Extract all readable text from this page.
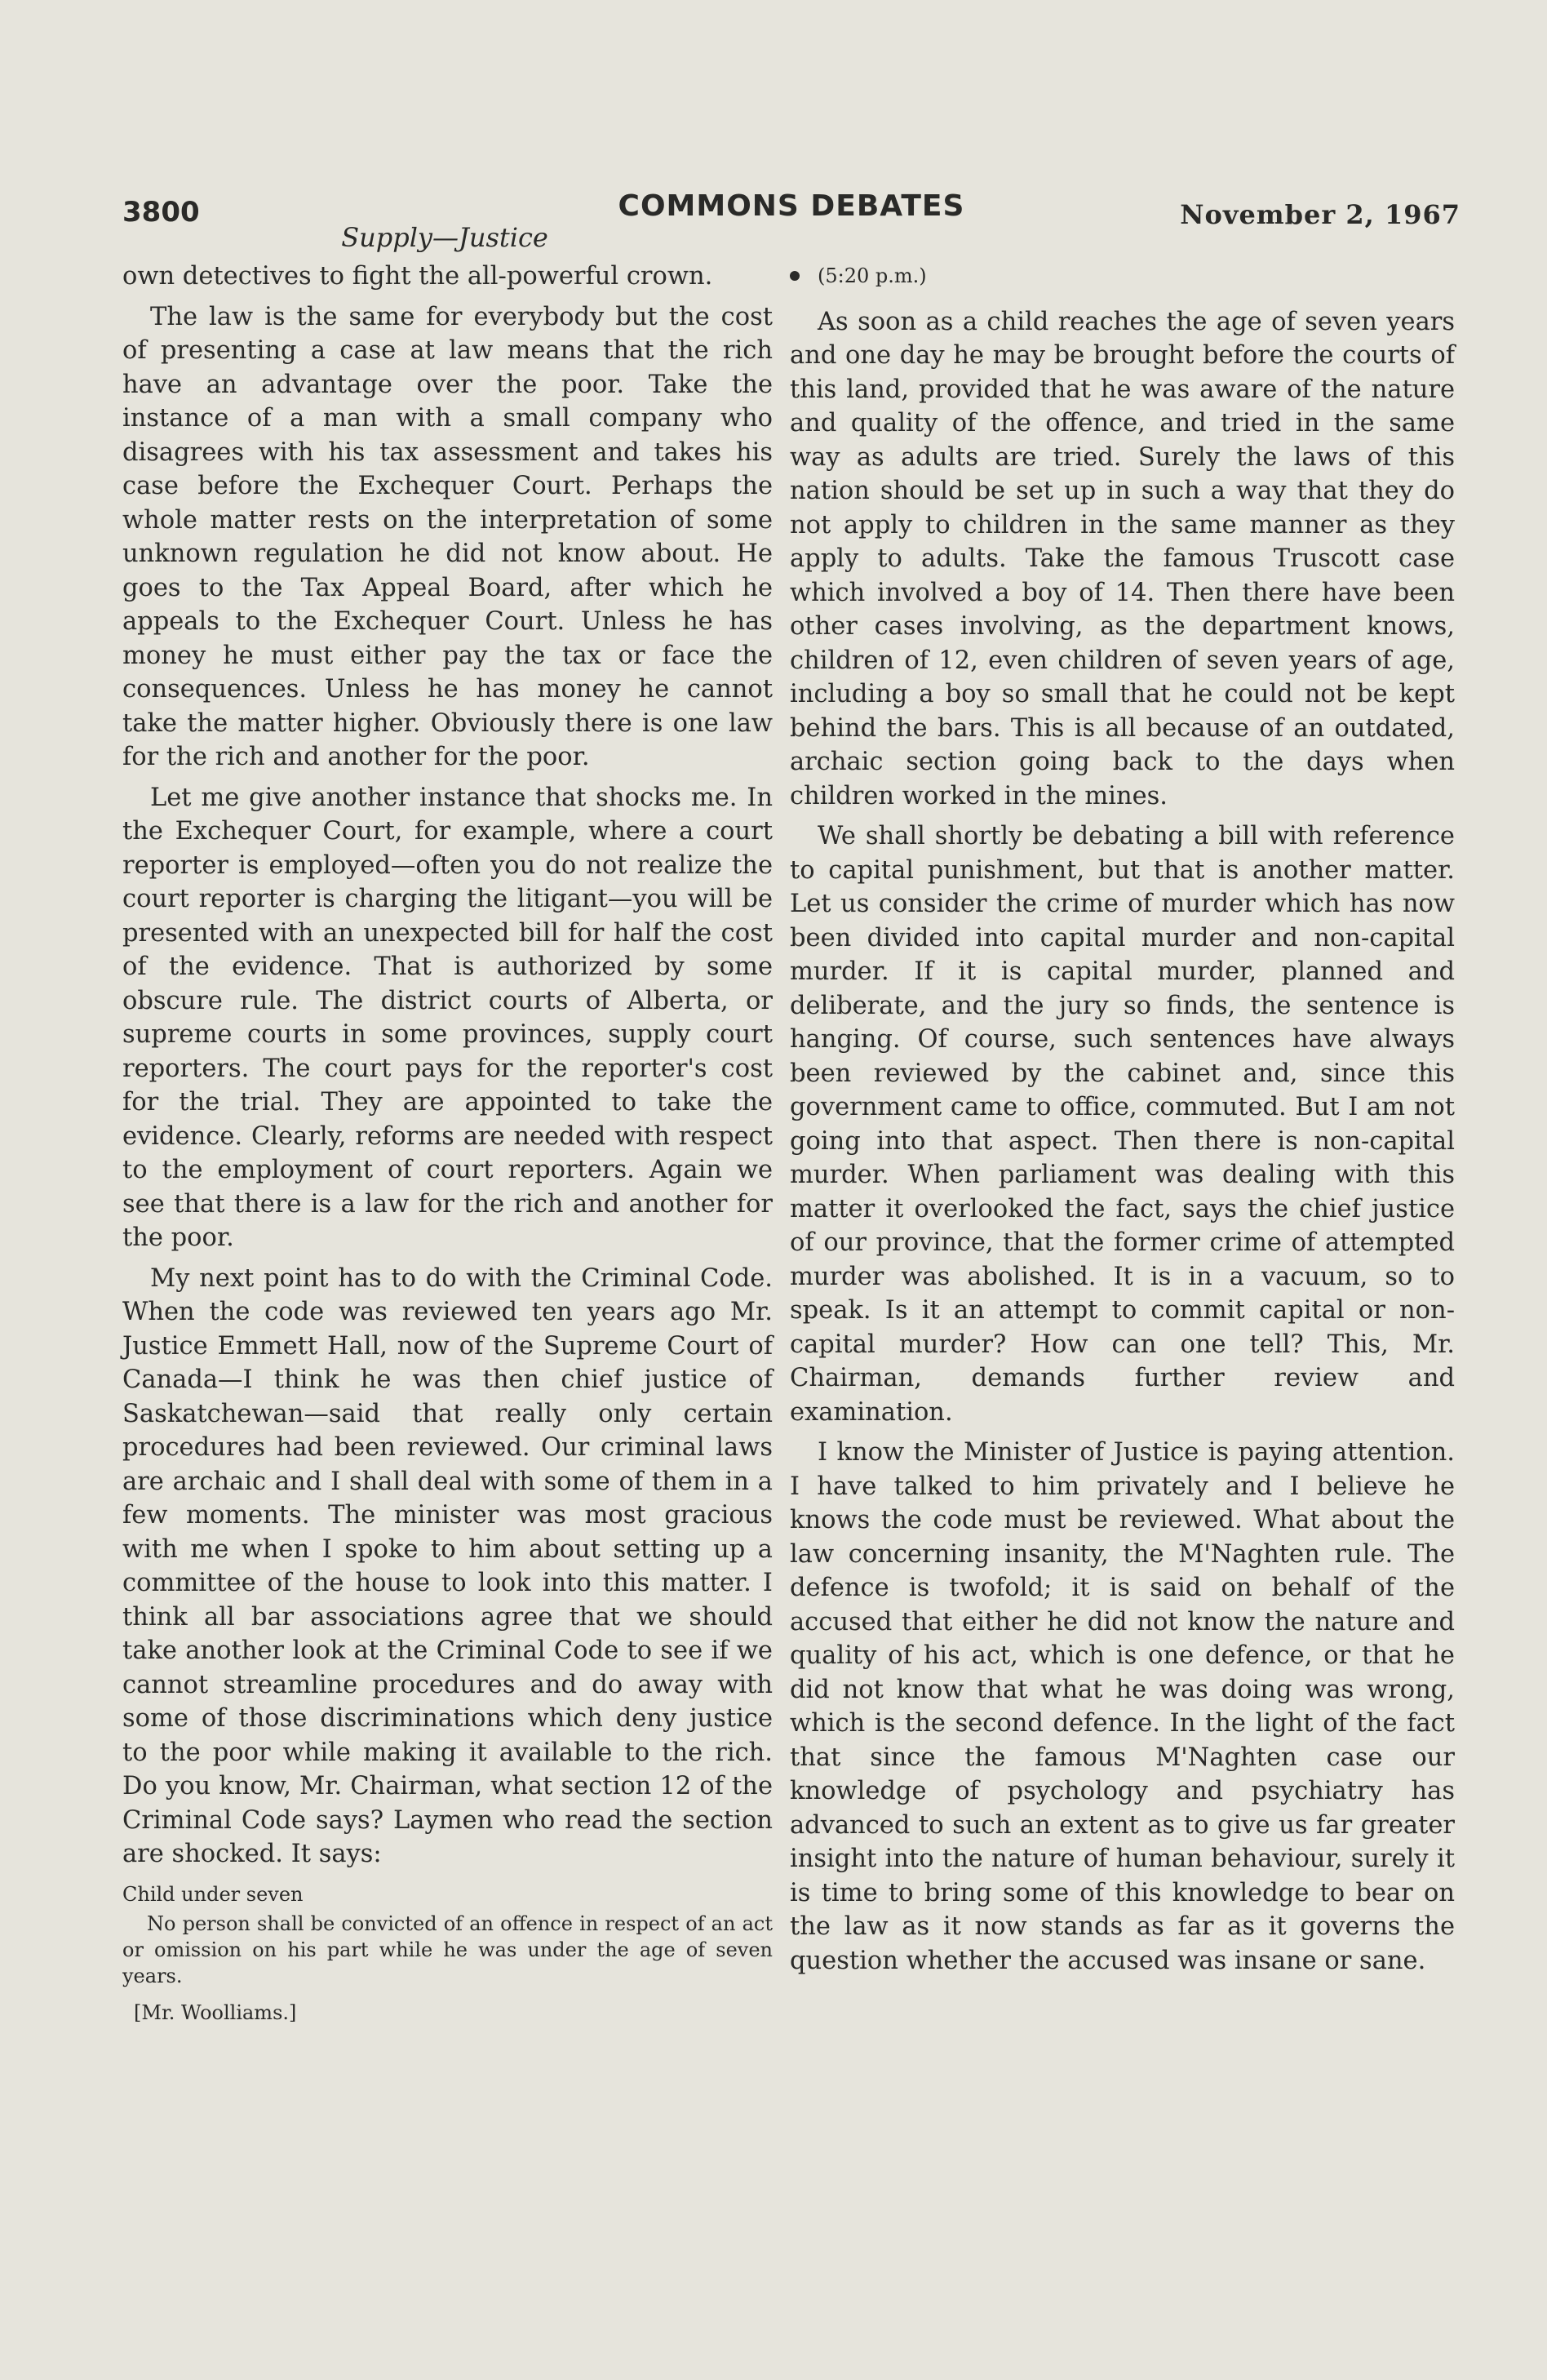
3800	COMMONS DEBATES	November 2, 1967
Supply—Justice

own detectives to fight the all-powerful crown.

The law is the same for everybody but the cost of presenting a case at law means that the rich have an advantage over the poor. Take the instance of a man with a small company who disagrees with his tax assessment and takes his case before the Exchequer Court. Perhaps the whole matter rests on the interpretation of some unknown regulation he did not know about. He goes to the Tax Appeal Board, after which he appeals to the Exchequer Court. Unless he has money he must either pay the tax or face the consequences. Unless he has money he cannot take the matter higher. Obviously there is one law for the rich and another for the poor.

Let me give another instance that shocks me. In the Exchequer Court, for example, where a court reporter is employed—often you do not realize the court reporter is charging the litigant—you will be presented with an unexpected bill for half the cost of the evidence. That is authorized by some obscure rule. The district courts of Alberta, or supreme courts in some provinces, supply court reporters. The court pays for the reporter's cost for the trial. They are appointed to take the evidence. Clearly, reforms are needed with respect to the employment of court reporters. Again we see that there is a law for the rich and another for the poor.

My next point has to do with the Criminal Code. When the code was reviewed ten years ago Mr. Justice Emmett Hall, now of the Supreme Court of Canada—I think he was then chief justice of Saskatchewan—said that really only certain procedures had been reviewed. Our criminal laws are archaic and I shall deal with some of them in a few moments. The minister was most gracious with me when I spoke to him about setting up a committee of the house to look into this matter. I think all bar associations agree that we should take another look at the Criminal Code to see if we cannot streamline procedures and do away with some of those discriminations which deny justice to the poor while making it available to the rich. Do you know, Mr. Chairman, what section 12 of the Criminal Code says? Laymen who read the section are shocked. It says:

Child under seven
No person shall be convicted of an offence in respect of an act or omission on his part while he was under the age of seven years.
[Mr. Woolliams.]
(5:20 p.m.)

As soon as a child reaches the age of seven years and one day he may be brought before the courts of this land, provided that he was aware of the nature and quality of the offence, and tried in the same way as adults are tried. Surely the laws of this nation should be set up in such a way that they do not apply to children in the same manner as they apply to adults. Take the famous Truscott case which involved a boy of 14. Then there have been other cases involving, as the department knows, children of 12, even children of seven years of age, including a boy so small that he could not be kept behind the bars. This is all because of an outdated, archaic section going back to the days when children worked in the mines.

We shall shortly be debating a bill with reference to capital punishment, but that is another matter. Let us consider the crime of murder which has now been divided into capital murder and non-capital murder. If it is capital murder, planned and deliberate, and the jury so finds, the sentence is hanging. Of course, such sentences have always been reviewed by the cabinet and, since this government came to office, commuted. But I am not going into that aspect. Then there is non-capital murder. When parliament was dealing with this matter it overlooked the fact, says the chief justice of our province, that the former crime of attempted murder was abolished. It is in a vacuum, so to speak. Is it an attempt to commit capital or non-capital murder? How can one tell? This, Mr. Chairman, demands further review and examination.

I know the Minister of Justice is paying attention. I have talked to him privately and I believe he knows the code must be reviewed. What about the law concerning insanity, the M'Naghten rule. The defence is twofold; it is said on behalf of the accused that either he did not know the nature and quality of his act, which is one defence, or that he did not know that what he was doing was wrong, which is the second defence. In the light of the fact that since the famous M'Naghten case our knowledge of psychology and psychiatry has advanced to such an extent as to give us far greater insight into the nature of human behaviour, surely it is time to bring some of this knowledge to bear on the law as it now stands as far as it governs the question whether the accused was insane or sane.
